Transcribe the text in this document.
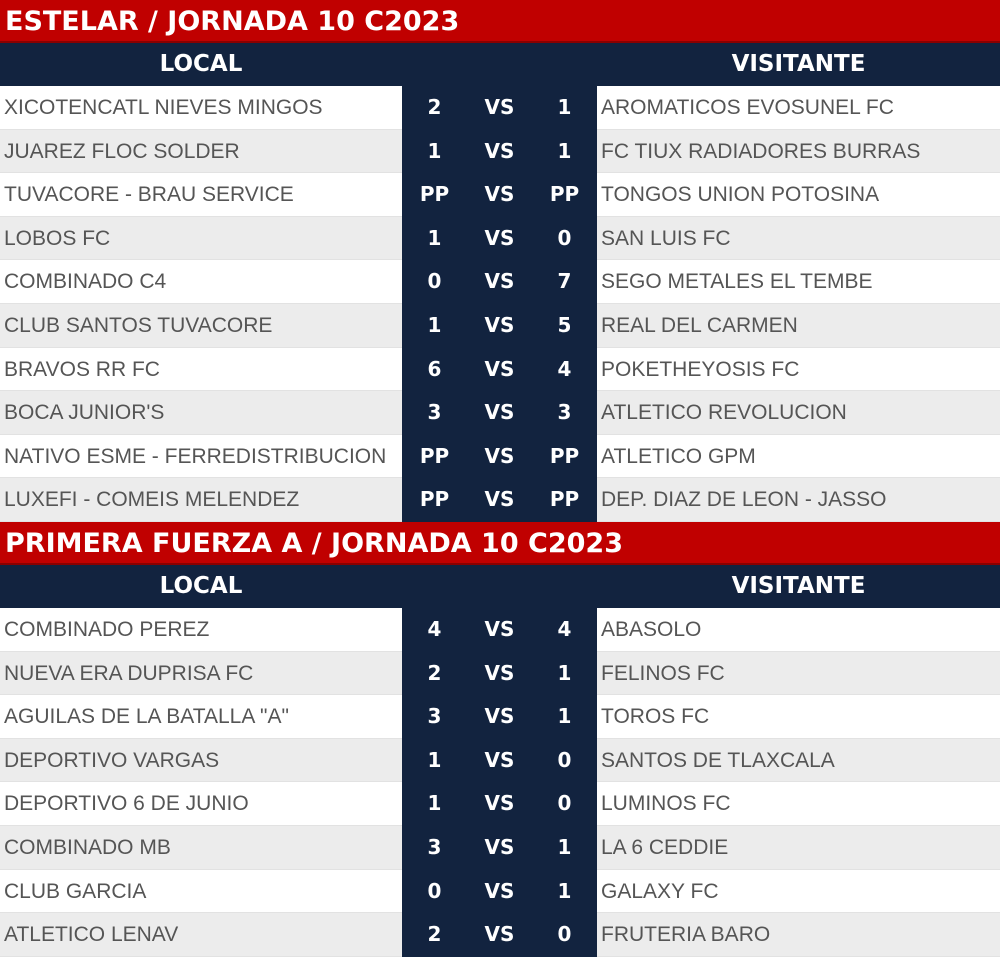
ESTELAR / JORNADA 10 C2023
LOCAL	VISITANTE
XICOTENCATL NIEVES MINGOS	2	VS	1	AROMATICOS EVOSUNEL FC
JUAREZ FLOC SOLDER	1	VS	1	FC TIUX RADIADORES BURRAS
TUVACORE - BRAU SERVICE	PP	VS	PP	TONGOS UNION POTOSINA
LOBOS FC	1	VS	0	SAN LUIS FC
COMBINADO C4	0	VS	7	SEGO METALES EL TEMBE
CLUB SANTOS TUVACORE	1	VS	5	REAL DEL CARMEN
BRAVOS RR FC	6	VS	4	POKETHEYOSIS FC
BOCA JUNIOR'S	3	VS	3	ATLETICO REVOLUCION
NATIVO ESME - FERREDISTRIBUCION	PP	VS	PP	ATLETICO GPM
LUXEFI - COMEIS MELENDEZ	PP	VS	PP	DEP. DIAZ DE LEON - JASSO
PRIMERA FUERZA A / JORNADA 10 C2023
LOCAL	VISITANTE
COMBINADO PEREZ	4	VS	4	ABASOLO
NUEVA ERA DUPRISA FC	2	VS	1	FELINOS FC
AGUILAS DE LA BATALLA "A"	3	VS	1	TOROS FC
DEPORTIVO VARGAS	1	VS	0	SANTOS DE TLAXCALA
DEPORTIVO 6 DE JUNIO	1	VS	0	LUMINOS FC
COMBINADO MB	3	VS	1	LA 6 CEDDIE
CLUB GARCIA	0	VS	1	GALAXY FC
ATLETICO LENAV	2	VS	0	FRUTERIA BARO
